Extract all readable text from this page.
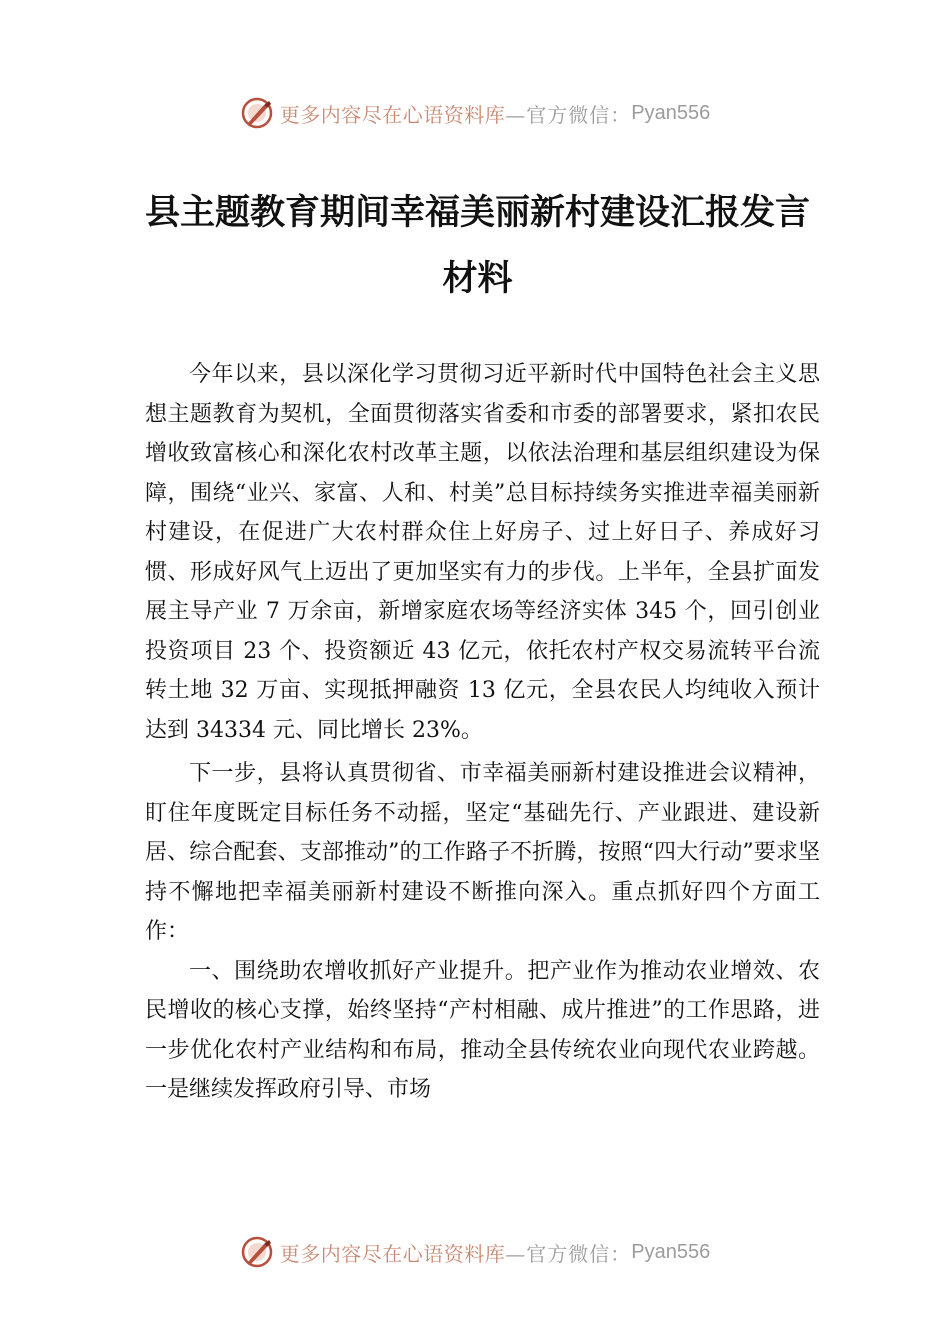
更多内容尽在心语资料库 —官方微信： Pyan556
县主题教育期间幸福美丽新村建设汇报发言材料

今年以来，县以深化学习贯彻习近平新时代中国特色社会主义思想主题教育为契机，全面贯彻落实省委和市委的部署要求，紧扣农民增收致富核心和深化农村改革主题，以依法治理和基层组织建设为保障，围绕“业兴、家富、人和、村美”总目标持续务实推进幸福美丽新村建设，在促进广大农村群众住上好房子、过上好日子、养成好习惯、形成好风气上迈出了更加坚实有力的步伐。上半年，全县扩面发展主导产业 7 万余亩，新增家庭农场等经济实体 345 个，回引创业投资项目 23 个、投资额近 43 亿元，依托农村产权交易流转平台流转土地 32 万亩、实现抵押融资 13 亿元，全县农民人均纯收入预计达到 34334 元、同比增长 23%。

下一步，县将认真贯彻省、市幸福美丽新村建设推进会议精神，盯住年度既定目标任务不动摇，坚定“基础先行、产业跟进、建设新居、综合配套、支部推动”的工作路子不折腾，按照“四大行动”要求坚持不懈地把幸福美丽新村建设不断推向深入。重点抓好四个方面工作：

一、围绕助农增收抓好产业提升。把产业作为推动农业增效、农民增收的核心支撑，始终坚持“产村相融、成片推进”的工作思路，进一步优化农村产业结构和布局，推动全县传统农业向现代农业跨越。一是继续发挥政府引导、市场

更多内容尽在心语资料库 —官方微信： Pyan556
